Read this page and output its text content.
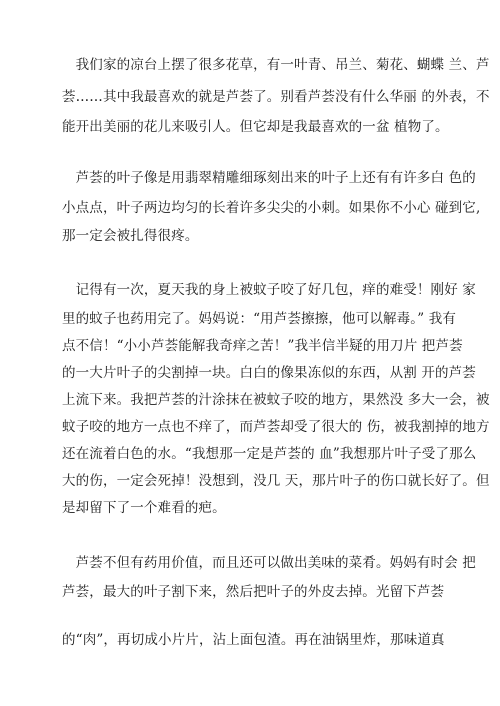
　我们家的凉台上摆了很多花草，有一叶青、吊兰、菊花、蝴蝶 兰、芦
荟……其中我最喜欢的就是芦荟了。别看芦荟没有什么华丽 的外表，不
能开出美丽的花儿来吸引人。但它却是我最喜欢的一盆 植物了。
　芦荟的叶子像是用翡翠精雕细琢刻出来的叶子上还有有许多白 色的
小点点，叶子两边均匀的长着许多尖尖的小刺。如果你不小心 碰到它,
那一定会被扎得很疼。
　记得有一次，夏天我的身上被蚊子咬了好几包，痒的难受！刚好 家
里的蚊子也药用完了。妈妈说：“用芦荟擦擦，他可以解毒。” 我有
点不信！“小小芦荟能解我奇痒之苦！”我半信半疑的用刀片 把芦荟
的一大片叶子的尖割掉一块。白白的像果冻似的东西，从割 开的芦荟
上流下来。我把芦荟的汁涂抹在被蚊子咬的地方，果然没 多大一会，被
蚊子咬的地方一点也不痒了，而芦荟却受了很大的 伤，被我割掉的地方
还在流着白色的水。“我想那一定是芦荟的 血”我想那片叶子受了那么
大的伤，一定会死掉！没想到，没几 天，那片叶子的伤口就长好了。但
是却留下了一个难看的疤。
　芦荟不但有药用价值，而且还可以做出美味的菜肴。妈妈有时会 把
芦荟，最大的叶子割下来，然后把叶子的外皮去掉。光留下芦荟
的“肉”，再切成小片片，沾上面包渣。再在油锅里炸，那味道真
